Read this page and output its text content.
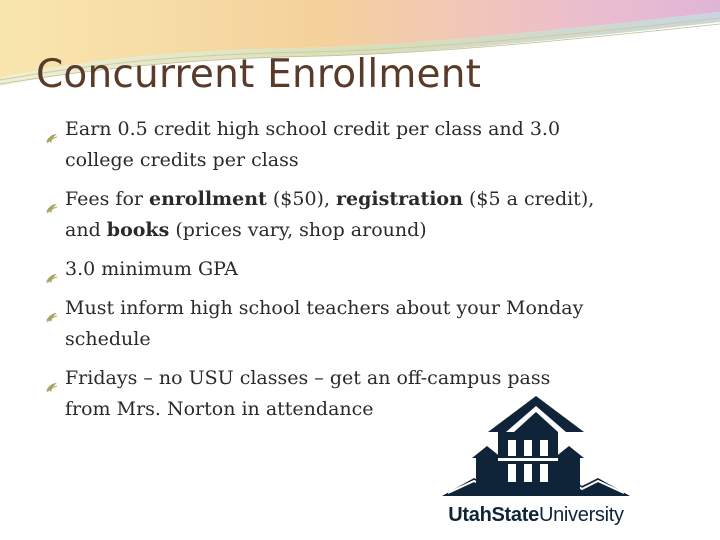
Concurrent Enrollment
Earn 0.5 credit high school credit per class and 3.0
college credits per class
Fees for enrollment ($50), registration ($5 a credit),
and books (prices vary, shop around)
3.0 minimum GPA
Must inform high school teachers about your Monday
schedule
Fridays – no USU classes – get an off-campus pass
from Mrs. Norton in attendance
UtahStateUniversity
